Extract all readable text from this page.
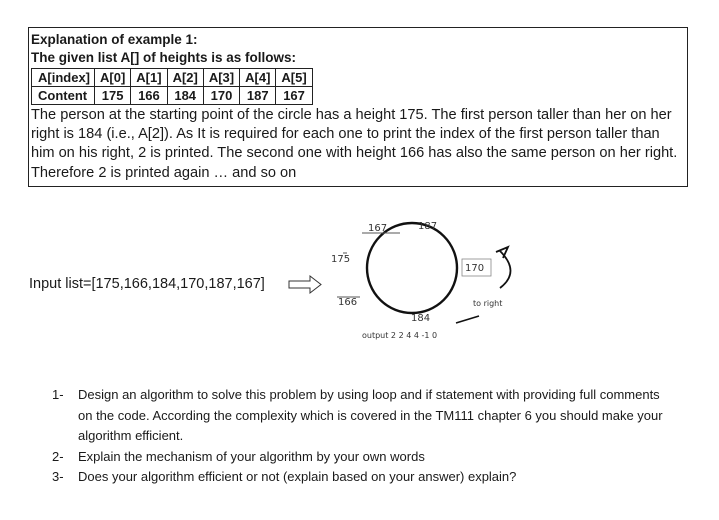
Explanation of example 1:

The given list A[] of heights is as follows:

A[index]	A[0]	A[1]	A[2]	A[3]	A[4]	A[5]
Content	175	166	184	170	187	167

The person at the starting point of the circle has a height 175. The first person taller than her on her right is 184 (i.e., A[2]). As It is required for each one to print the index of the first person taller than him on his right, 2 is printed. The second one with height 166 has also the same person on her right. Therefore 2 is printed again … and so on

Input list=[175,166,184,170,187,167]
167	187
175
170
166
184
to right
output 2 2 4 4 -1 0
1-	Design an algorithm to solve this problem by using loop and if statement with providing full comments on the code. According the complexity which is covered in the TM111 chapter 6 you should make your algorithm efficient.
2-	Explain the mechanism of your algorithm by your own words
3-	Does your algorithm efficient or not (explain based on your answer) explain?
